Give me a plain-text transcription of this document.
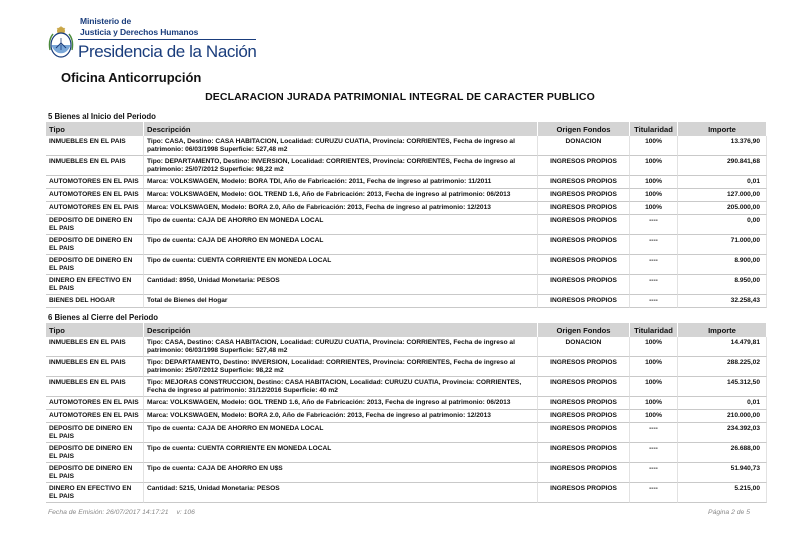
Ministerio de
Justicia y Derechos Humanos
Presidencia de la Nación
Oficina Anticorrupción
DECLARACION JURADA PATRIMONIAL INTEGRAL DE CARACTER PUBLICO
5 Bienes al Inicio del Periodo
Tipo	Descripción	Origen Fondos	Titularidad	Importe
INMUEBLES EN EL PAIS	Tipo: CASA, Destino: CASA HABITACION, Localidad: CURUZU CUATIA, Provincia: CORRIENTES, Fecha de ingreso al patrimonio: 06/03/1998 Superficie: 527,48 m2	DONACION	100%	13.376,90
INMUEBLES EN EL PAIS	Tipo: DEPARTAMENTO, Destino: INVERSION, Localidad: CORRIENTES, Provincia: CORRIENTES, Fecha de ingreso al patrimonio: 25/07/2012 Superficie: 98,22 m2	INGRESOS PROPIOS	100%	290.841,68
AUTOMOTORES EN EL PAIS	Marca: VOLKSWAGEN, Modelo: BORA TDI, Año de Fabricación: 2011, Fecha de ingreso al patrimonio: 11/2011	INGRESOS PROPIOS	100%	0,01
AUTOMOTORES EN EL PAIS	Marca: VOLKSWAGEN, Modelo: GOL TREND 1.6, Año de Fabricación: 2013, Fecha de ingreso al patrimonio: 06/2013	INGRESOS PROPIOS	100%	127.000,00
AUTOMOTORES EN EL PAIS	Marca: VOLKSWAGEN, Modelo: BORA 2.0, Año de Fabricación: 2013, Fecha de ingreso al patrimonio: 12/2013	INGRESOS PROPIOS	100%	205.000,00
DEPOSITO DE DINERO EN EL PAIS	Tipo de cuenta: CAJA DE AHORRO EN MONEDA LOCAL	INGRESOS PROPIOS	----	0,00
DEPOSITO DE DINERO EN EL PAIS	Tipo de cuenta: CAJA DE AHORRO EN MONEDA LOCAL	INGRESOS PROPIOS	----	71.000,00
DEPOSITO DE DINERO EN EL PAIS	Tipo de cuenta: CUENTA CORRIENTE EN MONEDA LOCAL	INGRESOS PROPIOS	----	8.900,00
DINERO EN EFECTIVO EN EL PAIS	Cantidad: 8950, Unidad Monetaria: PESOS	INGRESOS PROPIOS	----	8.950,00
BIENES DEL HOGAR	Total de Bienes del Hogar	INGRESOS PROPIOS	----	32.258,43
6 Bienes al Cierre del Periodo
Tipo	Descripción	Origen Fondos	Titularidad	Importe
INMUEBLES EN EL PAIS	Tipo: CASA, Destino: CASA HABITACION, Localidad: CURUZU CUATIA, Provincia: CORRIENTES, Fecha de ingreso al patrimonio: 06/03/1998 Superficie: 527,48 m2	DONACION	100%	14.479,81
INMUEBLES EN EL PAIS	Tipo: DEPARTAMENTO, Destino: INVERSION, Localidad: CORRIENTES, Provincia: CORRIENTES, Fecha de ingreso al patrimonio: 25/07/2012 Superficie: 98,22 m2	INGRESOS PROPIOS	100%	288.225,02
INMUEBLES EN EL PAIS	Tipo: MEJORAS CONSTRUCCION, Destino: CASA HABITACION, Localidad: CURUZU CUATIA, Provincia: CORRIENTES, Fecha de ingreso al patrimonio: 31/12/2016 Superficie: 40 m2	INGRESOS PROPIOS	100%	145.312,50
AUTOMOTORES EN EL PAIS	Marca: VOLKSWAGEN, Modelo: GOL TREND 1.6, Año de Fabricación: 2013, Fecha de ingreso al patrimonio: 06/2013	INGRESOS PROPIOS	100%	0,01
AUTOMOTORES EN EL PAIS	Marca: VOLKSWAGEN, Modelo: BORA 2.0, Año de Fabricación: 2013, Fecha de ingreso al patrimonio: 12/2013	INGRESOS PROPIOS	100%	210.000,00
DEPOSITO DE DINERO EN EL PAIS	Tipo de cuenta: CAJA DE AHORRO EN MONEDA LOCAL	INGRESOS PROPIOS	----	234.392,03
DEPOSITO DE DINERO EN EL PAIS	Tipo de cuenta: CUENTA CORRIENTE EN MONEDA LOCAL	INGRESOS PROPIOS	----	26.688,00
DEPOSITO DE DINERO EN EL PAIS	Tipo de cuenta: CAJA DE AHORRO EN U$S	INGRESOS PROPIOS	----	51.940,73
DINERO EN EFECTIVO EN EL PAIS	Cantidad: 5215, Unidad Monetaria: PESOS	INGRESOS PROPIOS	----	5.215,00
Fecha de Emisión: 26/07/2017 14:17:21 v: 106	Página 2 de 5
